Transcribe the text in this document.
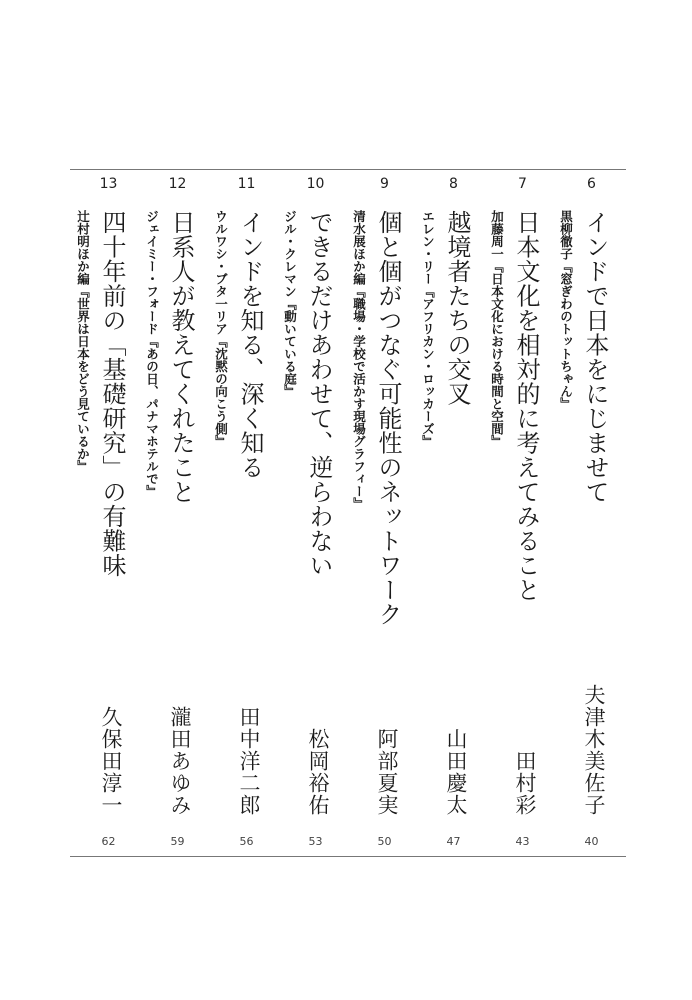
6
インドで日本をにじませて
黒柳徹子『窓ぎわのトットちゃん』
夫津木美佐子
40
7
日本文化を相対的に考えてみること
加藤周一『日本文化における時間と空間』
田村彩
43
8
越境者たちの交叉
エレン・リー『アフリカン・ロッカーズ』
山田慶太
47
9
個と個がつなぐ可能性のネットワーク
清水展ほか編『職場・学校で活かす現場グラフィー』
阿部夏実
50
10
できるだけあわせて、逆らわない
ジル・クレマン『動いている庭』
松岡裕佑
53
11
インドを知る、深く知る
ウルワシ・ブタ一リア『沈黙の向こう側』
田中洋二郎
56
12
日系人が教えてくれたこと
ジェイミー・フォード『あの日、パナマホテルで』
瀧田あゆみ
59
13
四十年前の「基礎研究」の有難味
辻村明ほか編『世界は日本をどう見ているか』
久保田淳一
62
